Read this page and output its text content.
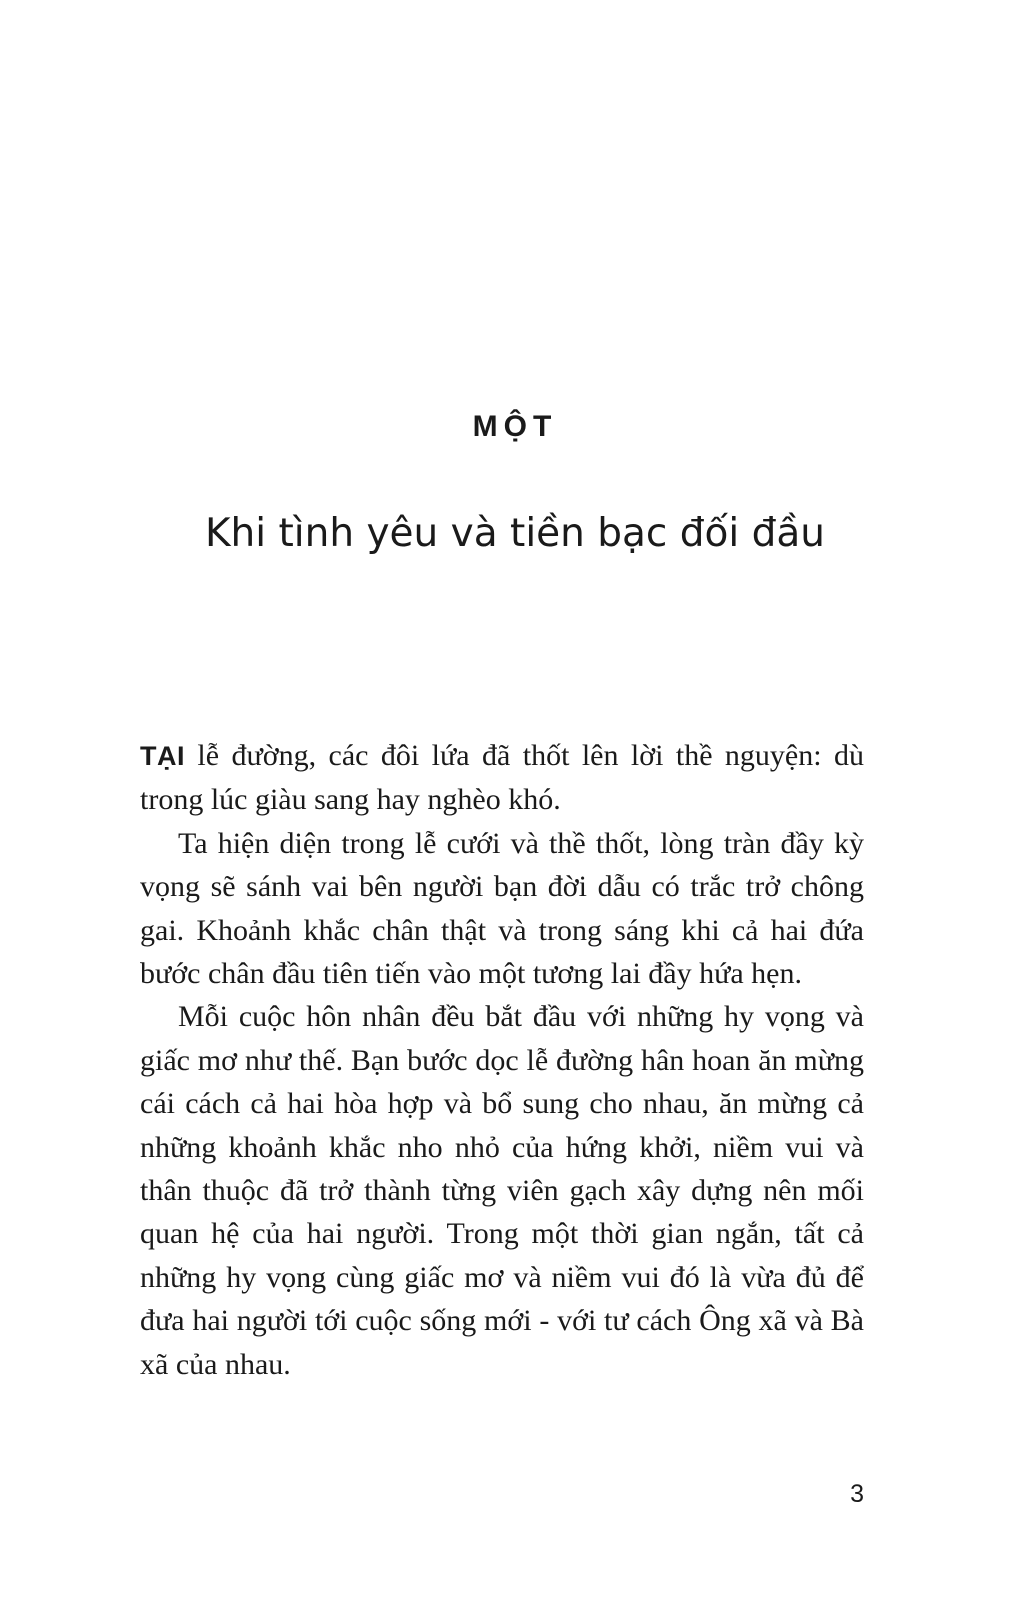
MỘT
Khi tình yêu và tiền bạc đối đầu

TẠI lễ đường, các đôi lứa đã thốt lên lời thề nguyện: dù trong lúc giàu sang hay nghèo khó.

Ta hiện diện trong lễ cưới và thề thốt, lòng tràn đầy kỳ vọng sẽ sánh vai bên người bạn đời dẫu có trắc trở chông gai. Khoảnh khắc chân thật và trong sáng khi cả hai đứa bước chân đầu tiên tiến vào một tương lai đầy hứa hẹn.

Mỗi cuộc hôn nhân đều bắt đầu với những hy vọng và giấc mơ như thế. Bạn bước dọc lễ đường hân hoan ăn mừng cái cách cả hai hòa hợp và bổ sung cho nhau, ăn mừng cả những khoảnh khắc nho nhỏ của hứng khởi, niềm vui và thân thuộc đã trở thành từng viên gạch xây dựng nên mối quan hệ của hai người. Trong một thời gian ngắn, tất cả những hy vọng cùng giấc mơ và niềm vui đó là vừa đủ để đưa hai người tới cuộc sống mới - với tư cách Ông xã và Bà xã của nhau.

3
